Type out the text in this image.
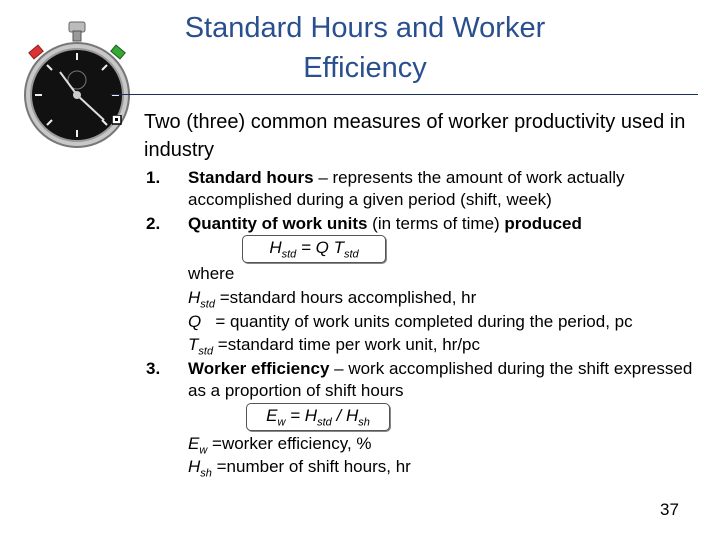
Standard Hours and Worker Efficiency
Two (three) common measures of worker productivity used in industry
1. Standard hours – represents the amount of work actually accomplished during a given period (shift, week)
2. Quantity of work units (in terms of time) produced
$H_{std} = Q$ $T_{std}$
where
$H_{std}$ =standard hours accomplished, hr
Q   = quantity of work units completed during the period, pc
$T_{std}$ =standard time per work unit, hr/pc
3. Worker efficiency – work accomplished during the shift expressed as a proportion of shift hours
$E_w = H_{std} / H_{sh}$
$E_w$ =worker efficiency, %
$H_{sh}$ =number of shift hours, hr
37
